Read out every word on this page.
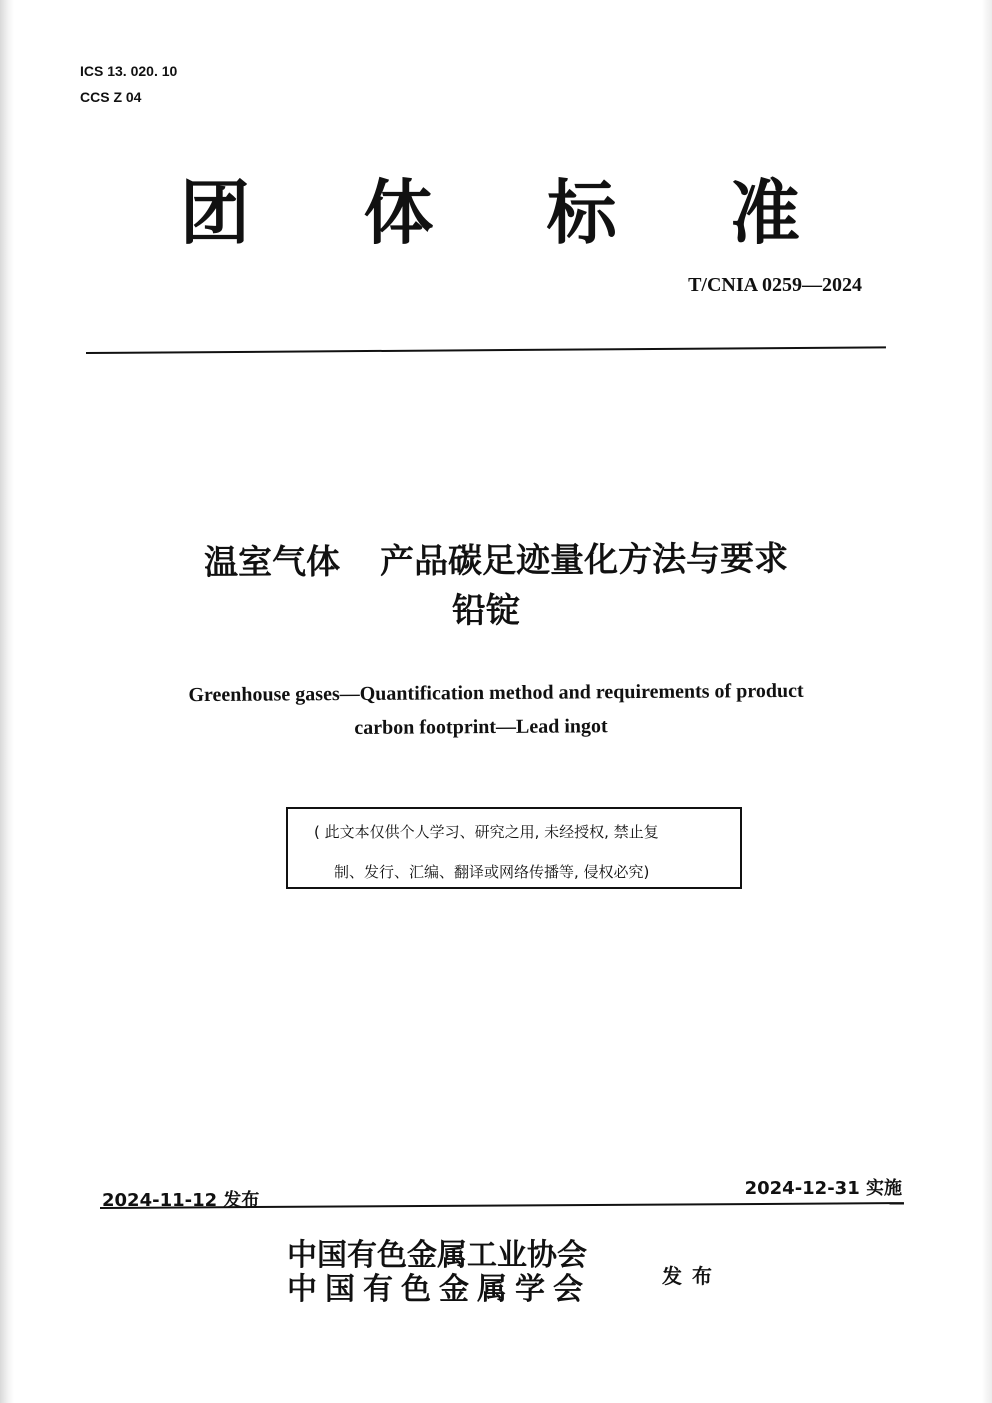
ICS 13. 020. 10
CCS Z 04
团 体 标 准
T/CNIA 0259—2024
温室气体 产品碳足迹量化方法与要求
铅锭
Greenhouse gases—Quantification method and requirements of product
carbon footprint—Lead ingot
( 此文本仅供个人学习、研究之用, 未经授权, 禁止复
制、发行、汇编、翻译或网络传播等, 侵权必究)
2024-11-12 发布
2024-12-31 实施
中国有色金属工业协会
中国有色金属学会	发布
